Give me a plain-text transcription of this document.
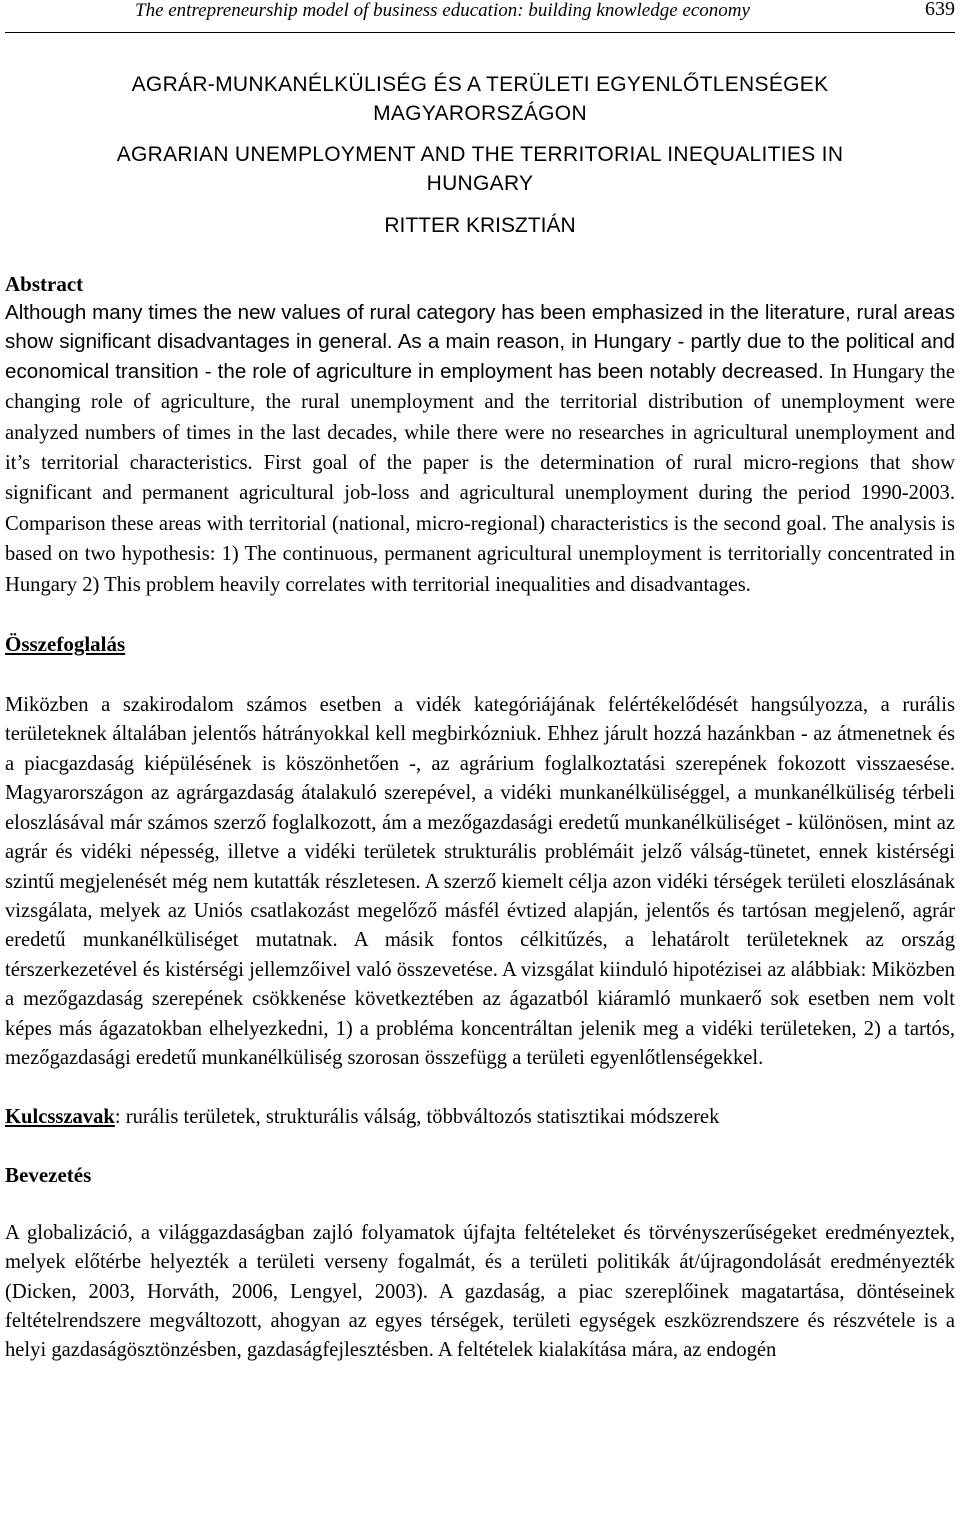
The entrepreneurship model of business education: building knowledge economy	639
AGRÁR-MUNKANÉLKÜLISÉG ÉS A TERÜLETI EGYENLŐTLENSÉGEK
MAGYARORSZÁGON
AGRARIAN UNEMPLOYMENT AND THE TERRITORIAL INEQUALITIES IN
HUNGARY
RITTER KRISZTIÁN
Abstract

Although many times the new values of rural category has been emphasized in the literature, rural areas show significant disadvantages in general. As a main reason, in Hungary - partly due to the political and economical transition - the role of agriculture in employment has been notably decreased. In Hungary the changing role of agriculture, the rural unemployment and the territorial distribution of unemployment were analyzed numbers of times in the last decades, while there were no researches in agricultural unemployment and it’s territorial characteristics. First goal of the paper is the determination of rural micro-regions that show significant and permanent agricultural job-loss and agricultural unemployment during the period 1990-2003. Comparison these areas with territorial (national, micro-regional) characteristics is the second goal. The analysis is based on two hypothesis: 1) The continuous, permanent agricultural unemployment is territorially concentrated in Hungary 2) This problem heavily correlates with territorial inequalities and disadvantages.

Összefoglalás

Miközben a szakirodalom számos esetben a vidék kategóriájának felértékelődését hangsúlyozza, a rurális területeknek általában jelentős hátrányokkal kell megbirkózniuk. Ehhez járult hozzá hazánkban - az átmenetnek és a piacgazdaság kiépülésének is köszönhetően -, az agrárium foglalkoztatási szerepének fokozott visszaesése. Magyarországon az agrárgazdaság átalakuló szerepével, a vidéki munkanélküliséggel, a munkanélküliség térbeli eloszlásával már számos szerző foglalkozott, ám a mezőgazdasági eredetű munkanélküliséget - különösen, mint az agrár és vidéki népesség, illetve a vidéki területek strukturális problémáit jelző válság-tünetet, ennek kistérségi szintű megjelenését még nem kutatták részletesen. A szerző kiemelt célja azon vidéki térségek területi eloszlásának vizsgálata, melyek az Uniós csatlakozást megelőző másfél évtized alapján, jelentős és tartósan megjelenő, agrár eredetű munkanélküliséget mutatnak. A másik fontos célkitűzés, a lehatárolt területeknek az ország térszerkezetével és kistérségi jellemzőivel való összevetése. A vizsgálat kiinduló hipotézisei az alábbiak: Miközben a mezőgazdaság szerepének csökkenése következtében az ágazatból kiáramló munkaerő sok esetben nem volt képes más ágazatokban elhelyezkedni, 1) a probléma koncentráltan jelenik meg a vidéki területeken, 2) a tartós, mezőgazdasági eredetű munkanélküliség szorosan összefügg a területi egyenlőtlenségekkel.

Kulcsszavak: rurális területek, strukturális válság, többváltozós statisztikai módszerek

Bevezetés

A globalizáció, a világgazdaságban zajló folyamatok újfajta feltételeket és törvényszerűségeket eredményeztek, melyek előtérbe helyezték a területi verseny fogalmát, és a területi politikák át/újragondolását eredményezték (Dicken, 2003, Horváth, 2006, Lengyel, 2003). A gazdaság, a piac szereplőinek magatartása, döntéseinek feltételrendszere megváltozott, ahogyan az egyes térségek, területi egységek eszközrendszere és részvétele is a helyi gazdaságösztönzésben, gazdaságfejlesztésben. A feltételek kialakítása mára, az endogén
